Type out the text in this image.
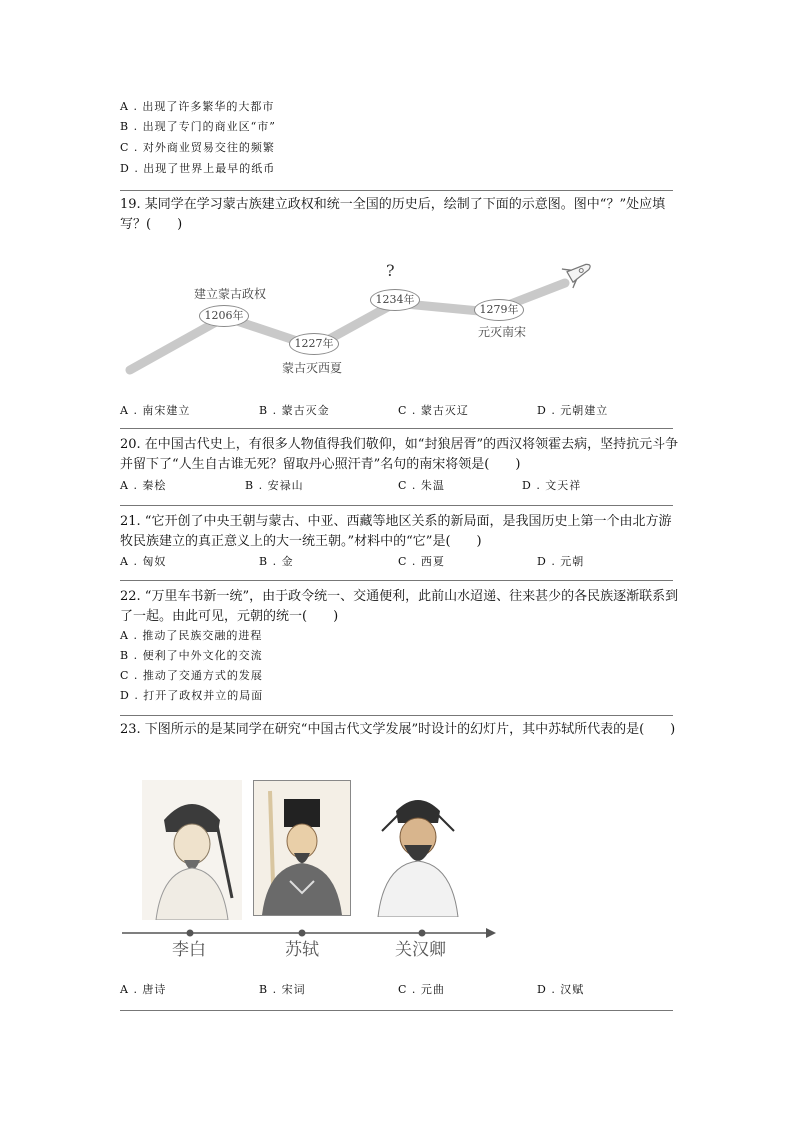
A . 出现了许多繁华的大都市
B . 出现了专门的商业区“市”
C . 对外商业贸易交往的频繁
D . 出现了世界上最早的纸币
19. 某同学在学习蒙古族建立政权和统一全国的历史后，绘制了下面的示意图。图中“？”处应填写？(　　)
建立蒙古政权
1206年
1227年
蒙古灭西夏
?
1234年
1279年
元灭南宋
A . 南宋建立	B . 蒙古灭金	C . 蒙古灭辽	D . 元朝建立
20. 在中国古代史上，有很多人物值得我们敬仰，如“封狼居胥”的西汉将领霍去病，坚持抗元斗争并留下了“人生自古谁无死？留取丹心照汗青”名句的南宋将领是(　　)
A . 秦桧	B . 安禄山	C . 朱温	D . 文天祥
21. “它开创了中央王朝与蒙古、中亚、西藏等地区关系的新局面，是我国历史上第一个由北方游牧民族建立的真正意义上的大一统王朝。”材料中的“它”是(　　)
A . 匈奴	B . 金	C . 西夏	D . 元朝
22. “万里车书新一统”，由于政令统一、交通便利，此前山水迢递、往来甚少的各民族逐渐联系到了一起。由此可见，元朝的统一(　　)
A . 推动了民族交融的进程
B . 便利了中外文化的交流
C . 推动了交通方式的发展
D . 打开了政权并立的局面
23. 下图所示的是某同学在研究“中国古代文学发展”时设计的幻灯片，其中苏轼所代表的是(　　)
李白	苏轼	关汉卿
A . 唐诗	B . 宋词	C . 元曲	D . 汉赋
